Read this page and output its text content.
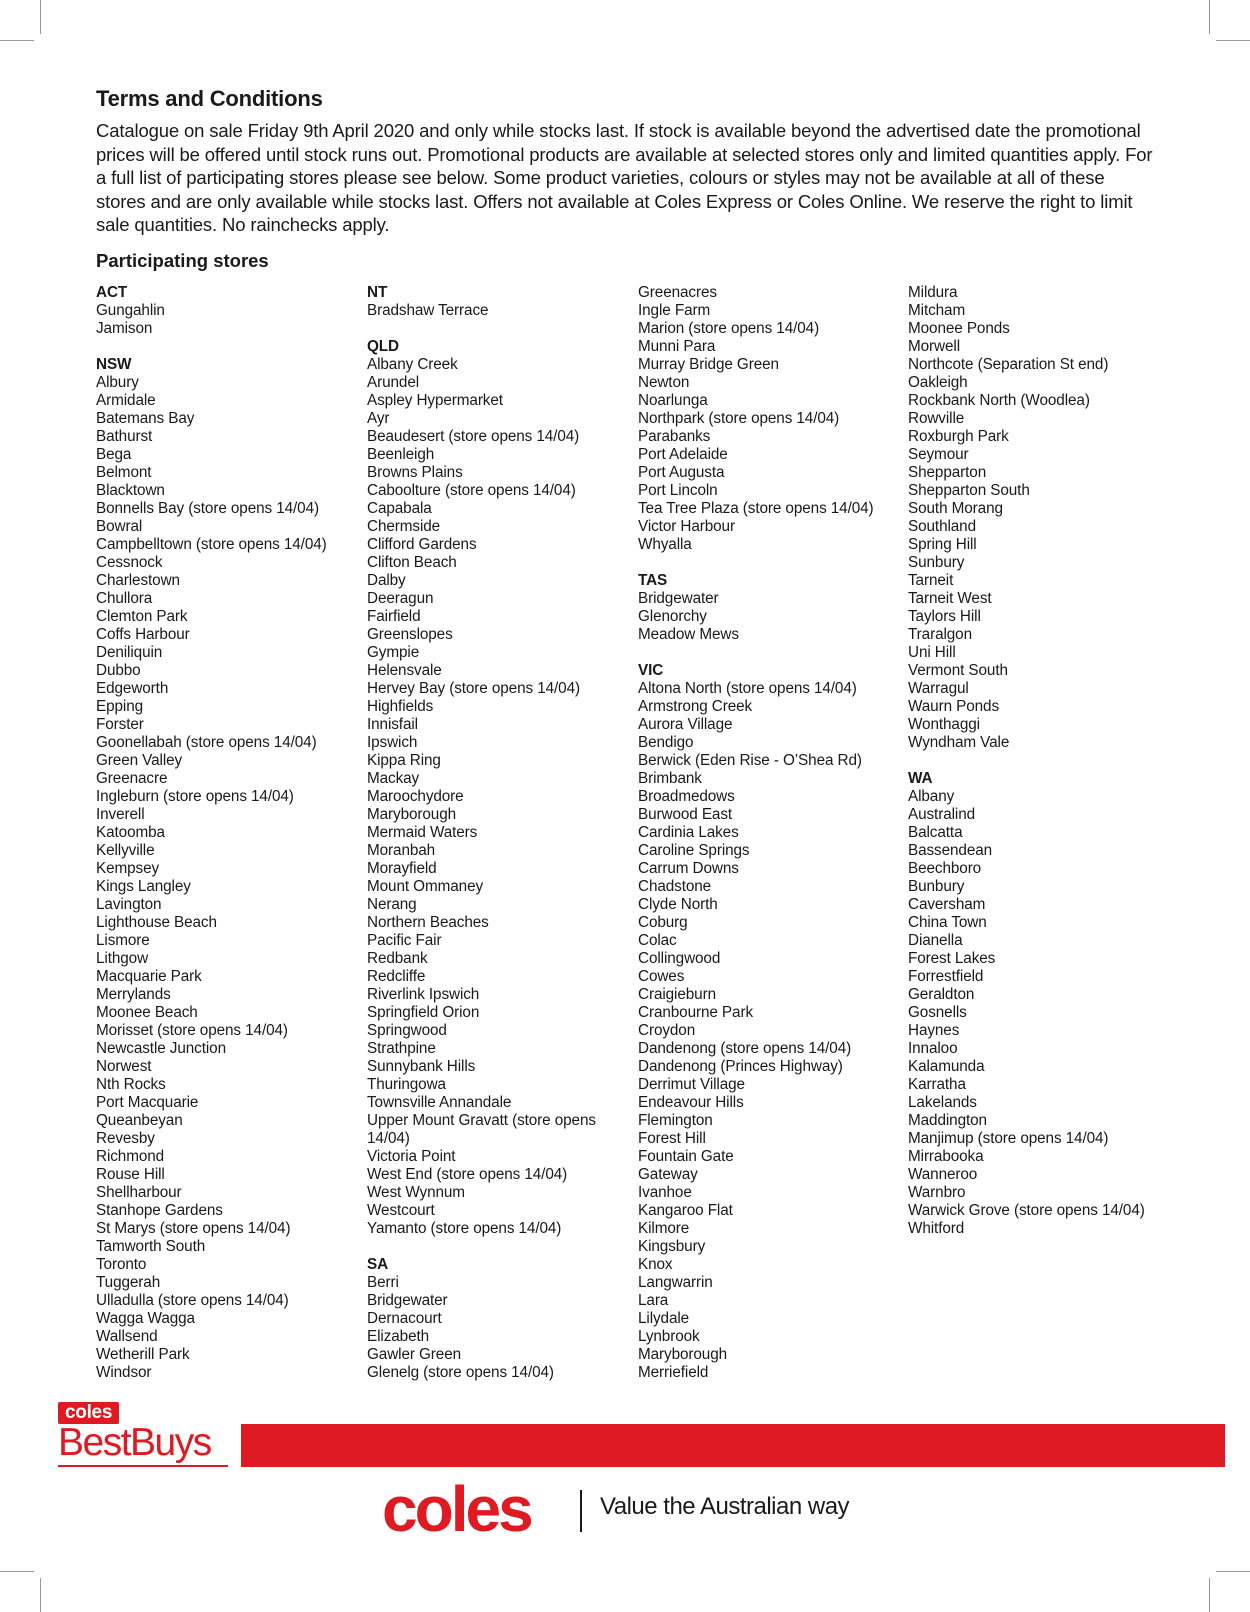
Terms and Conditions

Catalogue on sale Friday 9th April 2020 and only while stocks last. If stock is available beyond the advertised date the promotional prices will be offered until stock runs out. Promotional products are available at selected stores only and limited quantities apply. For a full list of participating stores please see below. Some product varieties, colours or styles may not be available at all of these stores and are only available while stocks last. Offers not available at Coles Express or Coles Online. We reserve the right to limit sale quantities. No rainchecks apply.

Participating stores
ACT
Gungahlin
Jamison
NSW
Albury
Armidale
Batemans Bay
Bathurst
Bega
Belmont
Blacktown
Bonnells Bay (store opens 14/04)
Bowral
Campbelltown (store opens 14/04)
Cessnock
Charlestown
Chullora
Clemton Park
Coffs Harbour
Deniliquin
Dubbo
Edgeworth
Epping
Forster
Goonellabah (store opens 14/04)
Green Valley
Greenacre
Ingleburn (store opens 14/04)
Inverell
Katoomba
Kellyville
Kempsey
Kings Langley
Lavington
Lighthouse Beach
Lismore
Lithgow
Macquarie Park
Merrylands
Moonee Beach
Morisset (store opens 14/04)
Newcastle Junction
Norwest
Nth Rocks
Port Macquarie
Queanbeyan
Revesby
Richmond
Rouse Hill
Shellharbour
Stanhope Gardens
St Marys (store opens 14/04)
Tamworth South
Toronto
Tuggerah
Ulladulla (store opens 14/04)
Wagga Wagga
Wallsend
Wetherill Park
Windsor
NT
Bradshaw Terrace
QLD
Albany Creek
Arundel
Aspley Hypermarket
Ayr
Beaudesert (store opens 14/04)
Beenleigh
Browns Plains
Caboolture (store opens 14/04)
Capabala
Chermside
Clifford Gardens
Clifton Beach
Dalby
Deeragun
Fairfield
Greenslopes
Gympie
Helensvale
Hervey Bay (store opens 14/04)
Highfields
Innisfail
Ipswich
Kippa Ring
Mackay
Maroochydore
Maryborough
Mermaid Waters
Moranbah
Morayfield
Mount Ommaney
Nerang
Northern Beaches
Pacific Fair
Redbank
Redcliffe
Riverlink Ipswich
Springfield Orion
Springwood
Strathpine
Sunnybank Hills
Thuringowa
Townsville Annandale
Upper Mount Gravatt (store opens 14/04)
Victoria Point
West End (store opens 14/04)
West Wynnum
Westcourt
Yamanto (store opens 14/04)
SA
Berri
Bridgewater
Dernacourt
Elizabeth
Gawler Green
Glenelg (store opens 14/04)
Greenacres
Ingle Farm
Marion (store opens 14/04)
Munni Para
Murray Bridge Green
Newton
Noarlunga
Northpark (store opens 14/04)
Parabanks
Port Adelaide
Port Augusta
Port Lincoln
Tea Tree Plaza (store opens 14/04)
Victor Harbour
Whyalla
TAS
Bridgewater
Glenorchy
Meadow Mews
VIC
Altona North (store opens 14/04)
Armstrong Creek
Aurora Village
Bendigo
Berwick (Eden Rise - O’Shea Rd)
Brimbank
Broadmedows
Burwood East
Cardinia Lakes
Caroline Springs
Carrum Downs
Chadstone
Clyde North
Coburg
Colac
Collingwood
Cowes
Craigieburn
Cranbourne Park
Croydon
Dandenong (store opens 14/04)
Dandenong (Princes Highway)
Derrimut Village
Endeavour Hills
Flemington
Forest Hill
Fountain Gate
Gateway
Ivanhoe
Kangaroo Flat
Kilmore
Kingsbury
Knox
Langwarrin
Lara
Lilydale
Lynbrook
Maryborough
Merriefield
Mildura
Mitcham
Moonee Ponds
Morwell
Northcote (Separation St end)
Oakleigh
Rockbank North (Woodlea)
Rowville
Roxburgh Park
Seymour
Shepparton
Shepparton South
South Morang
Southland
Spring Hill
Sunbury
Tarneit
Tarneit West
Taylors Hill
Traralgon
Uni Hill
Vermont South
Warragul
Waurn Ponds
Wonthaggi
Wyndham Vale
WA
Albany
Australind
Balcatta
Bassendean
Beechboro
Bunbury
Caversham
China Town
Dianella
Forest Lakes
Forrestfield
Geraldton
Gosnells
Haynes
Innaloo
Kalamunda
Karratha
Lakelands
Maddington
Manjimup (store opens 14/04)
Mirrabooka
Wanneroo
Warnbro
Warwick Grove (store opens 14/04)
Whitford
coles
BestBuys
coles	Value the Australian way
